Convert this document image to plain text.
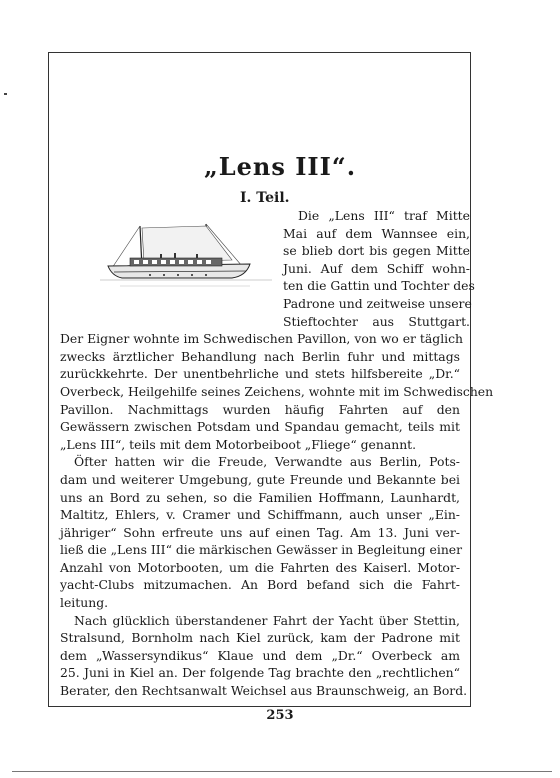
„Lens III“.
I. Teil.
Die „Lens III“ traf Mitte
Mai auf dem Wannsee ein,
se blieb dort bis gegen Mitte
Juni. Auf dem Schiff wohn-
ten die Gattin und Tochter des
Padrone und zeitweise unsere
Stieftochter aus Stuttgart.
Der Eigner wohnte im Schwedischen Pavillon, von wo er täglich
zwecks ärztlicher Behandlung nach Berlin fuhr und mittags
zurückkehrte. Der unentbehrliche und stets hilfsbereite „Dr.“
Overbeck, Heilgehilfe seines Zeichens, wohnte mit im Schwedischen
Pavillon. Nachmittags wurden häufig Fahrten auf den
Gewässern zwischen Potsdam und Spandau gemacht, teils mit
„Lens III“, teils mit dem Motorbeiboot „Fliege“ genannt.
Öfter hatten wir die Freude, Verwandte aus Berlin, Pots-
dam und weiterer Umgebung, gute Freunde und Bekannte bei
uns an Bord zu sehen, so die Familien Hoffmann, Launhardt,
Maltitz, Ehlers, v. Cramer und Schiffmann, auch unser „Ein-
jähriger“ Sohn erfreute uns auf einen Tag. Am 13. Juni ver-
ließ die „Lens III“ die märkischen Gewässer in Begleitung einer
Anzahl von Motorbooten, um die Fahrten des Kaiserl. Motor-
yacht-Clubs mitzumachen. An Bord befand sich die Fahrt-
leitung.
Nach glücklich überstandener Fahrt der Yacht über Stettin,
Stralsund, Bornholm nach Kiel zurück, kam der Padrone mit
dem „Wassersyndikus“ Klaue und dem „Dr.“ Overbeck am
253
25. Juni in Kiel an. Der folgende Tag brachte den „rechtlichen“
Berater, den Rechtsanwalt Weichsel aus Braunschweig, an Bord.
